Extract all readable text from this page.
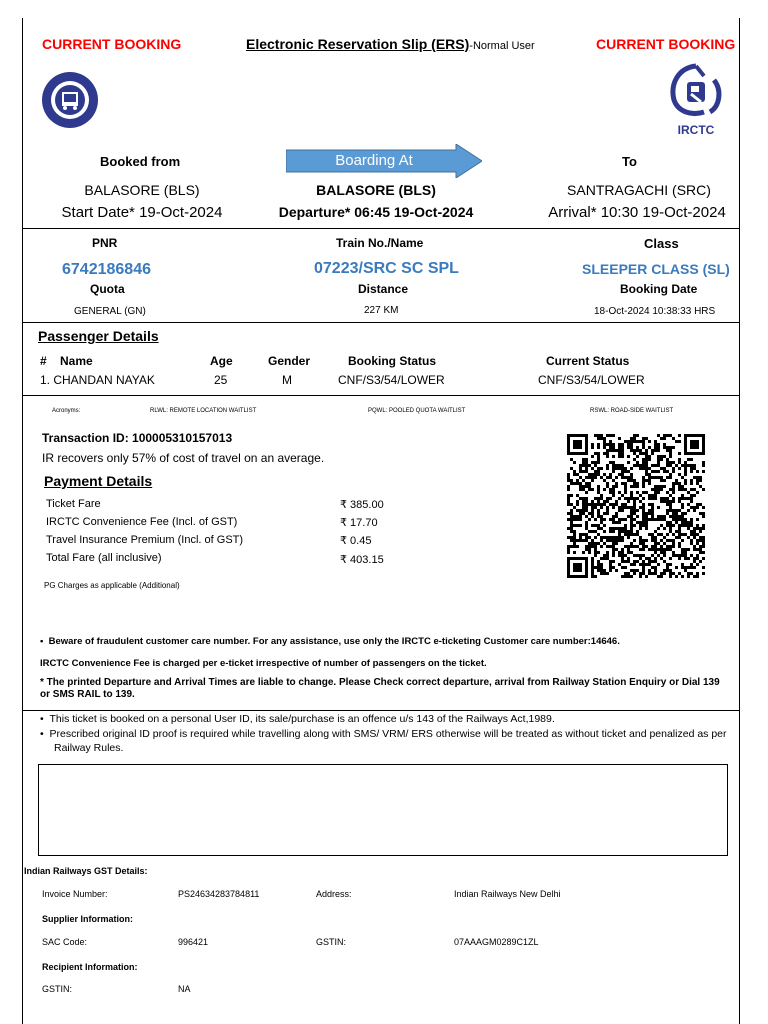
CURRENT BOOKING	Electronic Reservation Slip (ERS)-Normal User	CURRENT BOOKING
IRCTC
Booked from	Boarding At	To
BALASORE (BLS)	BALASORE (BLS)	SANTRAGACHI (SRC)
Start Date* 19-Oct-2024	Departure* 06:45 19-Oct-2024	Arrival* 10:30 19-Oct-2024
PNR	Train No./Name	Class
6742186846	07223/SRC SC SPL	SLEEPER CLASS (SL)
Quota	Distance	Booking Date
GENERAL (GN)	227 KM	18-Oct-2024 10:38:33 HRS
Passenger Details
# Name	Age	Gender	Booking Status	Current Status
1. CHANDAN NAYAK	25	M	CNF/S3/54/LOWER	CNF/S3/54/LOWER
Acronyms:	RLWL: REMOTE LOCATION WAITLIST	PQWL: POOLED QUOTA WAITLIST	RSWL: ROAD-SIDE WAITLIST
Transaction ID: 100005310157013
IR recovers only 57% of cost of travel on an average.
Payment Details
Ticket Fare	₹ 385.00
IRCTC Convenience Fee (Incl. of GST)	₹ 17.70
Travel Insurance Premium (Incl. of GST)	₹ 0.45
Total Fare (all inclusive)	₹ 403.15
PG Charges as applicable (Additional)
•  Beware of fraudulent customer care number. For any assistance, use only the IRCTC e-ticketing Customer care number:14646.
IRCTC Convenience Fee is charged per e-ticket irrespective of number of passengers on the ticket.
* The printed Departure and Arrival Times are liable to change. Please Check correct departure, arrival from Railway Station Enquiry or Dial 139 or SMS RAIL to 139.
•  This ticket is booked on a personal User ID, its sale/purchase is an offence u/s 143 of the Railways Act,1989.
•  Prescribed original ID proof is required while travelling along with SMS/ VRM/ ERS otherwise will be treated as without ticket and penalized as per Railway Rules.
Indian Railways GST Details:
Invoice Number:	PS24634283784811	Address:	Indian Railways New Delhi
Supplier Information:
SAC Code:	996421	GSTIN:	07AAAGM0289C1ZL
Recipient Information:
GSTIN:	NA
